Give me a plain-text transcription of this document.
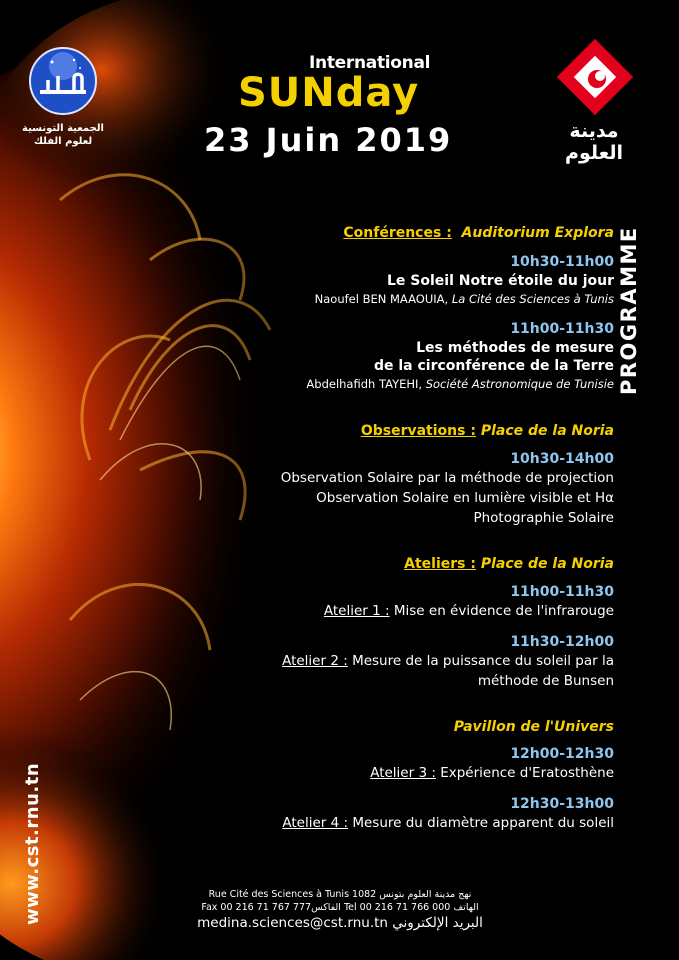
الجمعية التونسية
لعلوم الفلك
International
SUNday
23 Juin 2019	مدينة العلوم
PROGRAMME
Conférences : Auditorium Explora
10h30-11h00
Le Soleil Notre étoile du jour
Naoufel BEN MAAOUIA, La Cité des Sciences à Tunis
11h00-11h30
Les méthodes de mesure
de la circonférence de la Terre
Abdelhafidh TAYEHI, Société Astronomique de Tunisie
Observations : Place de la Noria
10h30-14h00
Observation Solaire par la méthode de projection
Observation Solaire en lumière visible et Hα
Photographie Solaire
Ateliers : Place de la Noria
11h00-11h30
Atelier 1 : Mise en évidence de l'infrarouge
11h30-12h00
Atelier 2 : Mesure de la puissance du soleil par la
méthode de Bunsen
Pavillon de l'Univers
12h00-12h30
Atelier 3 : Expérience d'Eratosthène
12h30-13h00
Atelier 4 : Mesure du diamètre apparent du soleil
www.cst.rnu.tn	Rue Cité des Sciences à Tunis 1082 نهج مدينة العلوم بتونس
Fax 00 216 71 767 777الفاكس Tel 00 216 71 766 000 الهاتف
medina.sciences@cst.rnu.tn البريد الإلكتروني
